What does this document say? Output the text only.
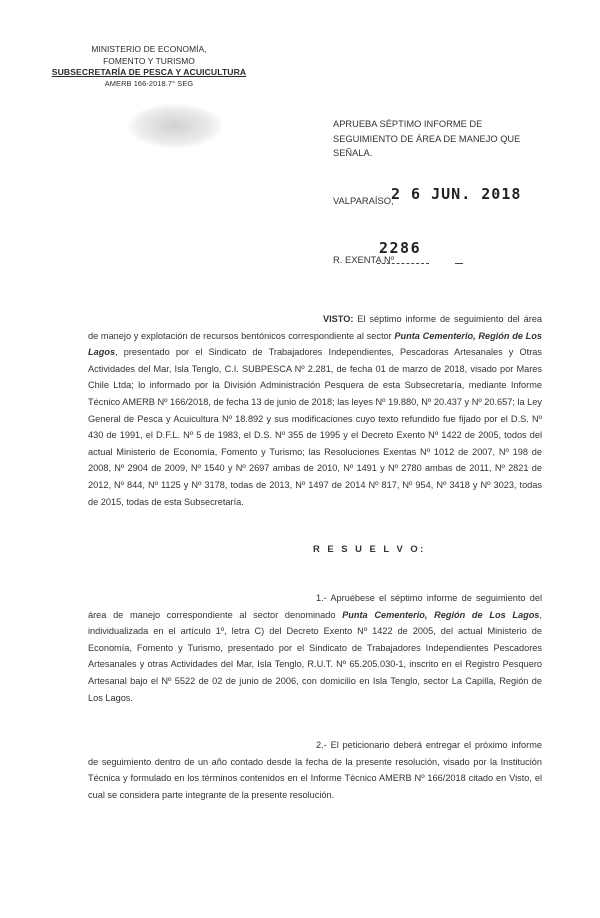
MINISTERIO DE ECONOMÍA,
FOMENTO Y TURISMO
SUBSECRETARÍA DE PESCA Y ACUICULTURA
AMERB 166-2018.7° SEG
APRUEBA SÉPTIMO INFORME DE SEGUIMIENTO DE ÁREA DE MANEJO QUE SEÑALA.
VALPARAÍSO,
2 6 JUN. 2018
R. EXENTA Nº
2286
VISTO: El séptimo informe de seguimiento del área de manejo y explotación de recursos bentónicos correspondiente al sector Punta Cementerio, Región de Los Lagos, presentado por el Sindicato de Trabajadores Independientes, Pescadoras Artesanales y Otras Actividades del Mar, Isla Tenglo, C.I. SUBPESCA Nº 2.281, de fecha 01 de marzo de 2018, visado por Mares Chile Ltda; lo informado por la División Administración Pesquera de esta Subsecretaría, mediante Informe Técnico AMERB Nº 166/2018, de fecha 13 de junio de 2018; las leyes Nº 19.880, Nº 20.437 y Nº 20.657; la Ley General de Pesca y Acuicultura Nº 18.892 y sus modificaciones cuyo texto refundido fue fijado por el D.S. Nº 430 de 1991, el D.F.L. Nº 5 de 1983, el D.S. Nº 355 de 1995 y el Decreto Exento Nº 1422 de 2005, todos del actual Ministerio de Economía, Fomento y Turismo; las Resoluciones Exentas Nº 1012 de 2007, Nº 198 de 2008, Nº 2904 de 2009, Nº 1540 y Nº 2697 ambas de 2010, Nº 1491 y Nº 2780 ambas de 2011, Nº 2821 de 2012, Nº 844, Nº 1125 y Nº 3178, todas de 2013, Nº 1497 de 2014 Nº 817, Nº 954, Nº 3418 y Nº 3023, todas de 2015, todas de esta Subsecretaría.
R E S U E L V O:
1.- Apruébese el séptimo informe de seguimiento del área de manejo correspondiente al sector denominado Punta Cementerio, Región de Los Lagos, individualizada en el artículo 1º, letra C) del Decreto Exento Nº 1422 de 2005, del actual Ministerio de Economía, Fomento y Turismo, presentado por el Sindicato de Trabajadores Independientes Pescadores Artesanales y otras Actividades del Mar, Isla Tenglo, R.U.T. Nº 65.205.030-1, inscrito en el Registro Pesquero Artesanal bajo el Nº 5522 de 02 de junio de 2006, con domicilio en Isla Tenglo, sector La Capilla, Región de Los Lagos.
2.- El peticionario deberá entregar el próximo informe de seguimiento dentro de un año contado desde la fecha de la presente resolución, visado por la Institución Técnica y formulado en los términos contenidos en el Informe Técnico AMERB Nº 166/2018 citado en Visto, el cual se considera parte integrante de la presente resolución.
